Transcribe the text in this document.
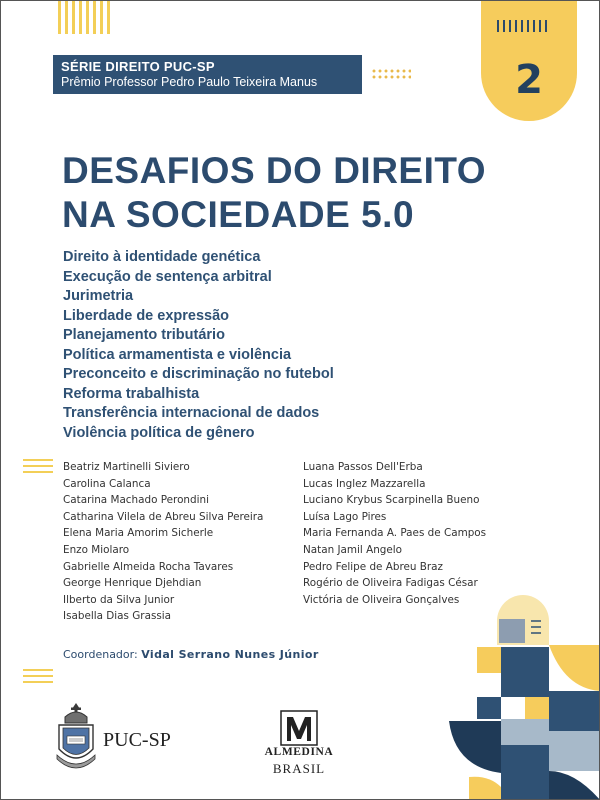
2
SÉRIE DIREITO PUC-SP
Prêmio Professor Pedro Paulo Teixeira Manus
DESAFIOS DO DIREITO
NA SOCIEDADE 5.0
Direito à identidade genética
Execução de sentença arbitral
Jurimetria
Liberdade de expressão
Planejamento tributário
Política armamentista e violência
Preconceito e discriminação no futebol
Reforma trabalhista
Transferência internacional de dados
Violência política de gênero
Beatriz Martinelli Siviero
Carolina Calanca
Catarina Machado Perondini
Catharina Vilela de Abreu Silva Pereira
Elena Maria Amorim Sicherle
Enzo Miolaro
Gabrielle Almeida Rocha Tavares
George Henrique Djehdian
Ilberto da Silva Junior
Isabella Dias Grassia
Luana Passos Dell'Erba
Lucas Inglez Mazzarella
Luciano Krybus Scarpinella Bueno
Luísa Lago Pires
Maria Fernanda A. Paes de Campos
Natan Jamil Angelo
Pedro Felipe de Abreu Braz
Rogério de Oliveira Fadigas César
Victória de Oliveira Gonçalves
Coordenador: Vidal Serrano Nunes Júnior
PUC-SP
ALMEDINA
BRASIL
